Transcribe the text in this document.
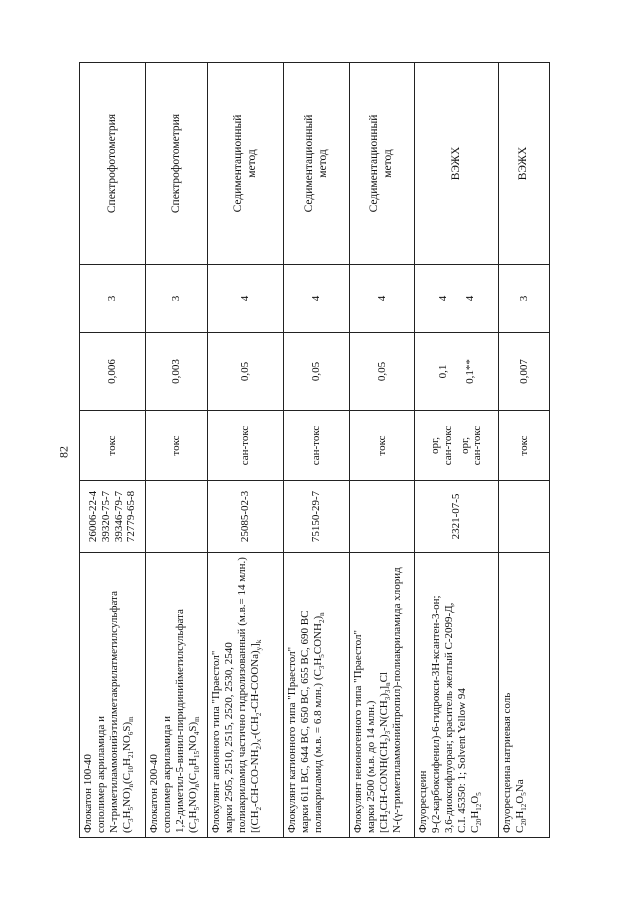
82
Флокатон 100-40 сополимер акриламида и N-триметиламмонийэтилметакрилатметилсульфата $(C_3H_5NO)_n(C_{10}H_{21}NO_6S)_m$	26006-22-4 39320-75-7 39346-79-7 72779-65-8	токс	0,006	3	Спектрофотометрия

Флокатон 200-40 сополимер акриламида и 1,2-диметил-5-винил-пиридинийметилсульфата $(C_3H_5NO)_n(C_{10}H_{15}NO_4S)_m$		токс	0,003	3	Спектрофотометрия

Флокулянт анионного типа "Праестол" марки 2505, 2510, 2515, 2520, 2530, 2540 полиакриламид частично гидролизованный (м.в.= 14 млн.) $[(CH_2-CH-CO-NH_2)_x-(CH_2-CH-COONa)_y]_k$	25085-02-3	сан-токс	0,05	4	Седиментационный
метод

Флокулянт катионного типа "Праестол" марки 611 ВС, 644 ВС, 650 ВС, 655 ВС, 690 ВС полиакриламид (м.в. = 6.8 млн.) $(C_3H_5CONH_2)_n$	75150-29-7	сан-токс	0,05	4	Седиментационный
метод

Флокулянт неионогенного типа "Праестол" марки 2500 (м.в. до 14 млн.) $[CH_2CH-CONH(CH_2)_3-N(CH_3)_3]_nCl$ N-(γ-триметиламмонийпропил)-полиакриламида хлорид		токс	0,05	4	Седиментационный
метод

Флуоресцеин 9-(2-карбоксифенил)-6-гидрокси-3Н-ксантен-3-он; 3,6-диоксифлуоран; краситель желтый С-2099-Д, C.I. 45350: 1; Solvent Yellow 94 $C_{20}H_{12}O_5$	2321-07-5	орг, сан-токс орг, сан-токс	0,1 0,1**	4 4	ВЭЖХ

Флуоресцеина натриевая соль $C_{20}H_{12}O_5Na$		токс	0,007	3	ВЭЖХ
